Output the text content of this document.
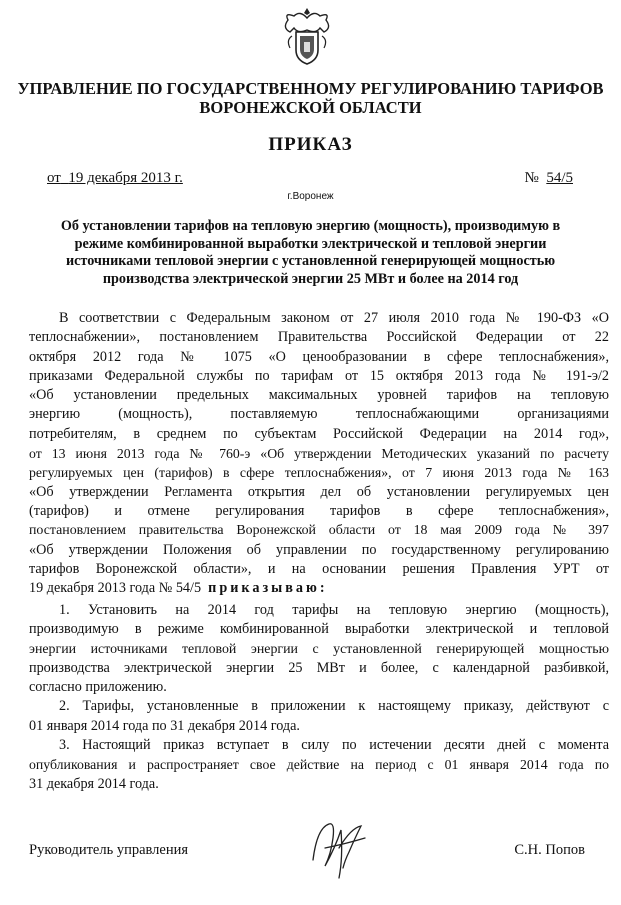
УПРАВЛЕНИЕ ПО ГОСУДАРСТВЕННОМУ РЕГУЛИРОВАНИЮ ТАРИФОВ
ВОРОНЕЖСКОЙ ОБЛАСТИ
ПРИКАЗ
от 19 декабря 2013 г.	№ 54/5
г.Воронеж
Об установлении тарифов на тепловую энергию (мощность), производимую в
режиме комбинированной выработки электрической и тепловой энергии
источниками тепловой энергии с установленной генерирующей мощностью
производства электрической энергии 25 МВт и более на 2014 год
В соответствии с Федеральным законом от 27 июля 2010 года № 190-ФЗ «О
теплоснабжении», постановлением Правительства Российской Федерации от 22
октября 2012 года № 1075 «О ценообразовании в сфере теплоснабжения»,
приказами Федеральной службы по тарифам от 15 октября 2013 года № 191-э/2
«Об установлении предельных максимальных уровней тарифов на тепловую
энергию (мощность), поставляемую теплоснабжающими организациями
потребителям, в среднем по субъектам Российской Федерации на 2014 год»,
от 13 июня 2013 года № 760-э «Об утверждении Методических указаний по расчету
регулируемых цен (тарифов) в сфере теплоснабжения», от 7 июня 2013 года № 163
«Об утверждении Регламента открытия дел об установлении регулируемых цен
(тарифов) и отмене регулирования тарифов в сфере теплоснабжения»,
постановлением правительства Воронежской области от 18 мая 2009 года № 397
«Об утверждении Положения об управлении по государственному регулированию
тарифов Воронежской области», и на основании решения Правления УРТ от
19 декабря 2013 года № 54/5 приказываю:
1. Установить на 2014 год тарифы на тепловую энергию (мощность),
производимую в режиме комбинированной выработки электрической и тепловой
энергии источниками тепловой энергии с установленной генерирующей мощностью
производства электрической энергии 25 МВт и более, с календарной разбивкой,
согласно приложению.
2. Тарифы, установленные в приложении к настоящему приказу, действуют с
01 января 2014 года по 31 декабря 2014 года.
3. Настоящий приказ вступает в силу по истечении десяти дней с момента
опубликования и распространяет свое действие на период с 01 января 2014 года по
31 декабря 2014 года.
Руководитель управления	С.Н. Попов
